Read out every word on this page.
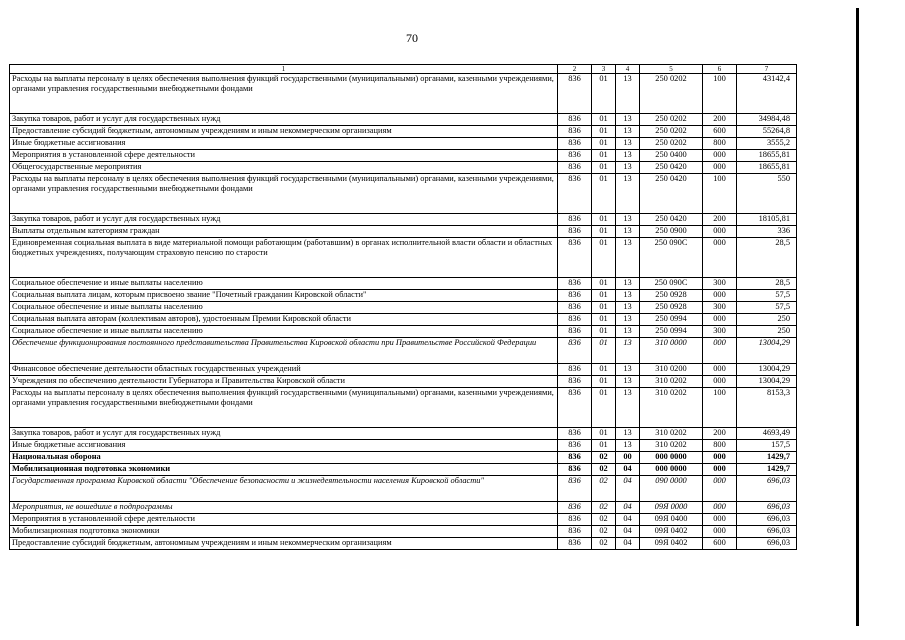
70
1	2	3	4	5	6	7
Расходы на выплаты персоналу в целях обеспечения выполнения функций государственными (муниципальными) органами, казенными учреждениями, органами управления государственными внебюджетными фондами	836	01	13	250 0202	100	43142,4
Закупка товаров, работ и услуг для государственных нужд	836	01	13	250 0202	200	34984,48
Предоставление субсидий бюджетным, автономным учреждениям и иным некоммерческим организациям	836	01	13	250 0202	600	55264,8
Иные бюджетные ассигнования	836	01	13	250 0202	800	3555,2
Мероприятия в установленной сфере деятельности	836	01	13	250 0400	000	18655,81
Общегосударственные мероприятия	836	01	13	250 0420	000	18655,81
Расходы на выплаты персоналу в целях обеспечения выполнения функций государственными (муниципальными) органами, казенными учреждениями, органами управления государственными внебюджетными фондами	836	01	13	250 0420	100	550
Закупка товаров, работ и услуг для государственных нужд	836	01	13	250 0420	200	18105,81
Выплаты отдельным категориям граждан	836	01	13	250 0900	000	336
Единовременная социальная выплата в виде материальной помощи работающим (работавшим) в органах исполнительной власти области и областных бюджетных учреждениях, получающим страховую пенсию по старости	836	01	13	250 090С	000	28,5
Социальное обеспечение и иные выплаты населению	836	01	13	250 090С	300	28,5
Социальная выплата лицам, которым присвоено звание "Почетный гражданин Кировской области"	836	01	13	250 0928	000	57,5
Социальное обеспечение и иные выплаты населению	836	01	13	250 0928	300	57,5
Социальная выплата авторам (коллективам авторов), удостоенным Премии Кировской области	836	01	13	250 0994	000	250
Социальное обеспечение и иные выплаты населению	836	01	13	250 0994	300	250
Обеспечение функционирования постоянного представительства Правительства Кировской области при Правительстве Российской Федерации	836	01	13	310 0000	000	13004,29
Финансовое обеспечение деятельности областных государственных учреждений	836	01	13	310 0200	000	13004,29
Учреждения по обеспечению деятельности Губернатора и Правительства Кировской области	836	01	13	310 0202	000	13004,29
Расходы на выплаты персоналу в целях обеспечения выполнения функций государственными (муниципальными) органами, казенными учреждениями, органами управления государственными внебюджетными фондами	836	01	13	310 0202	100	8153,3
Закупка товаров, работ и услуг для государственных нужд	836	01	13	310 0202	200	4693,49
Иные бюджетные ассигнования	836	01	13	310 0202	800	157,5
Национальная оборона	836	02	00	000 0000	000	1429,7
Мобилизационная подготовка экономики	836	02	04	000 0000	000	1429,7
Государственная программа Кировской области "Обеспечение безопасности и жизнедеятельности населения Кировской области"	836	02	04	090 0000	000	696,03
Мероприятия, не вошедшие в подпрограммы	836	02	04	09Я 0000	000	696,03
Мероприятия в установленной сфере деятельности	836	02	04	09Я 0400	000	696,03
Мобилизационная подготовка экономики	836	02	04	09Я 0402	000	696,03
Предоставление субсидий бюджетным, автономным учреждениям и иным некоммерческим организациям	836	02	04	09Я 0402	600	696,03
